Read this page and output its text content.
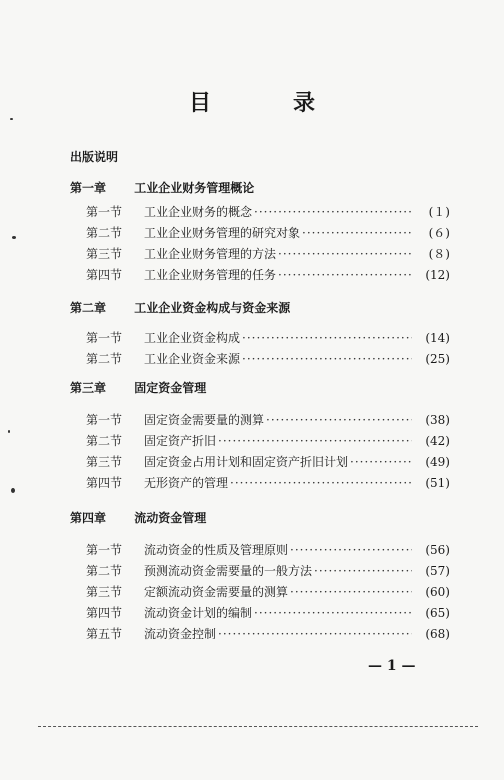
目　录
出版说明
第一章 工业企业财务管理概论
第一节	工业企业财务的概念 ·····	(１)
第二节	工业企业财务管理的研究对象 ·····	(６)
第三节	工业企业财务管理的方法 ·····	(８)
第四节	工业企业财务管理的任务 ·····	(12)
第二章 工业企业资金构成与资金来源
第一节	工业企业资金构成 ·····	(14)
第二节	工业企业资金来源 ·····	(25)
第三章 固定资金管理
第一节	固定资金需要量的测算 ·····	(38)
第二节	固定资产折旧 ·····	(42)
第三节	固定资金占用计划和固定资产折旧计划 ·····	(49)
第四节	无形资产的管理 ·····	(51)
第四章 流动资金管理
第一节	流动资金的性质及管理原则 ·····	(56)
第二节	预测流动资金需要量的一般方法 ·····	(57)
第三节	定额流动资金需要量的测算 ·····	(60)
第四节	流动资金计划的编制 ·····	(65)
第五节	流动资金控制 ·····	(68)
— 1 —
